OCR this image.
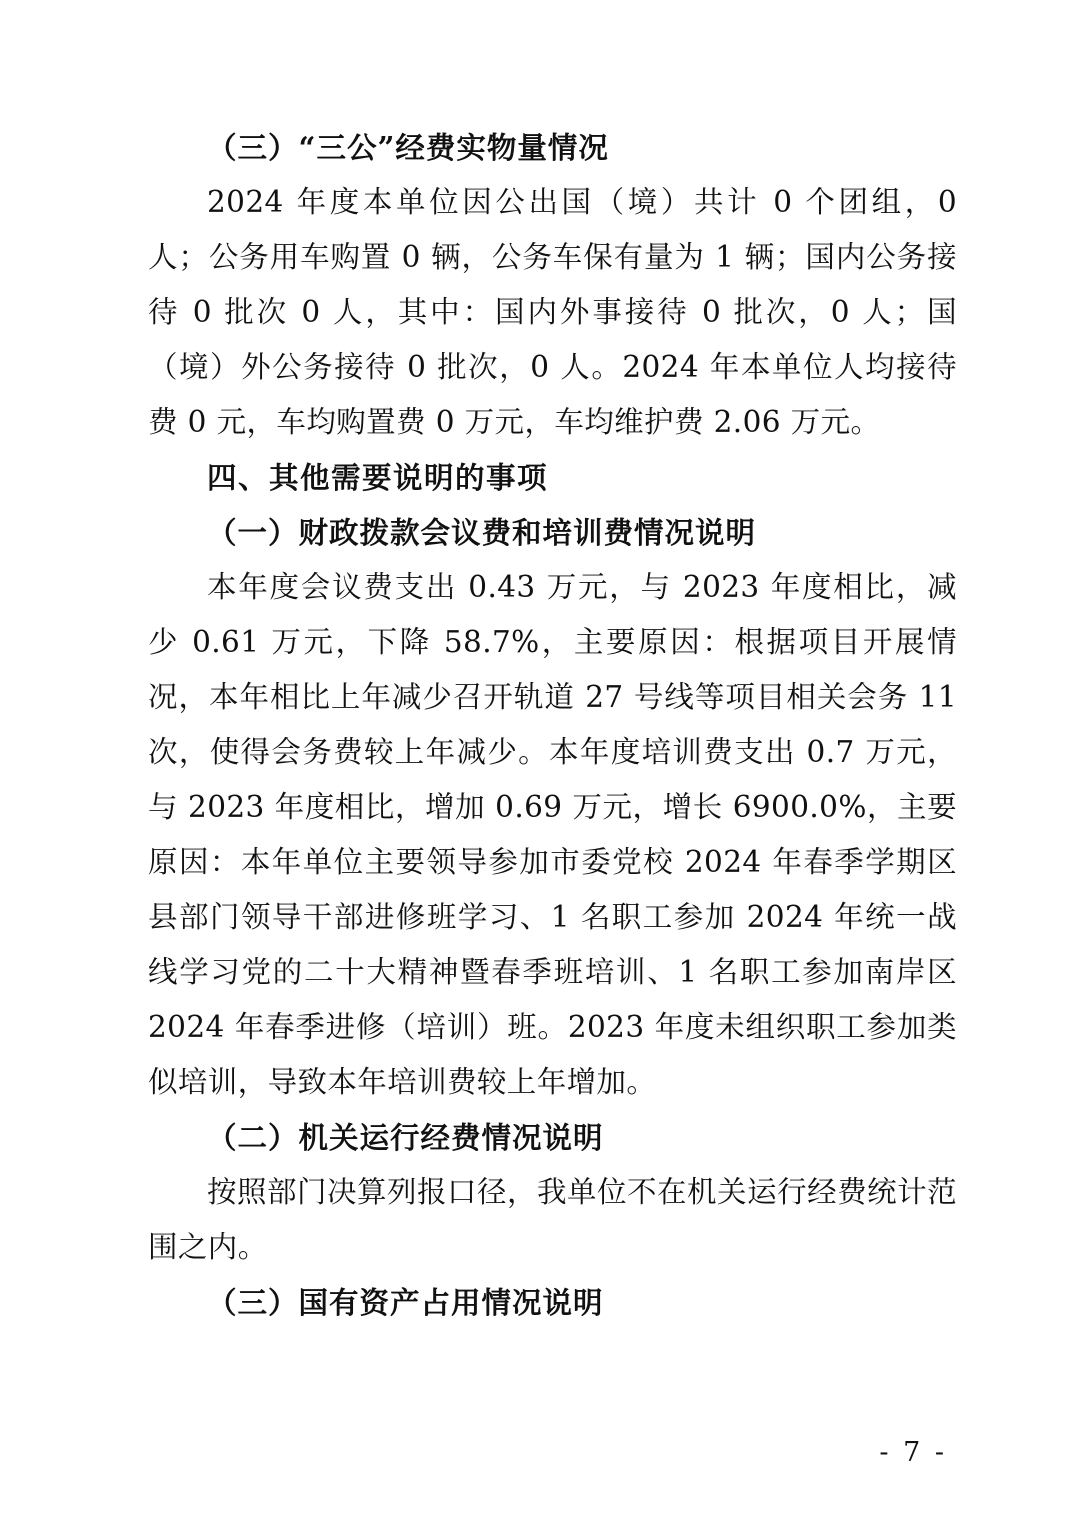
（三）“三公”经费实物量情况

2024 年度本单位因公出国（境）共计 0 个团组，0 人；公务用车购置 0 辆，公务车保有量为 1 辆；国内公务接待 0 批次 0 人，其中：国内外事接待 0 批次，0 人；国（境）外公务接待 0 批次，0 人。2024 年本单位人均接待费 0 元，车均购置费 0 万元，车均维护费 2.06 万元。

四、其他需要说明的事项

（一）财政拨款会议费和培训费情况说明

本年度会议费支出 0.43 万元，与 2023 年度相比，减少 0.61 万元，下降 58.7%，主要原因：根据项目开展情况，本年相比上年减少召开轨道 27 号线等项目相关会务 11 次，使得会务费较上年减少。本年度培训费支出 0.7 万元，与 2023 年度相比，增加 0.69 万元，增长 6900.0%，主要原因：本年单位主要领导参加市委党校 2024 年春季学期区县部门领导干部进修班学习、1 名职工参加 2024 年统一战线学习党的二十大精神暨春季班培训、1 名职工参加南岸区 2024 年春季进修（培训）班。2023 年度未组织职工参加类似培训，导致本年培训费较上年增加。

（二）机关运行经费情况说明

按照部门决算列报口径，我单位不在机关运行经费统计范围之内。

（三）国有资产占用情况说明

- 7 -
